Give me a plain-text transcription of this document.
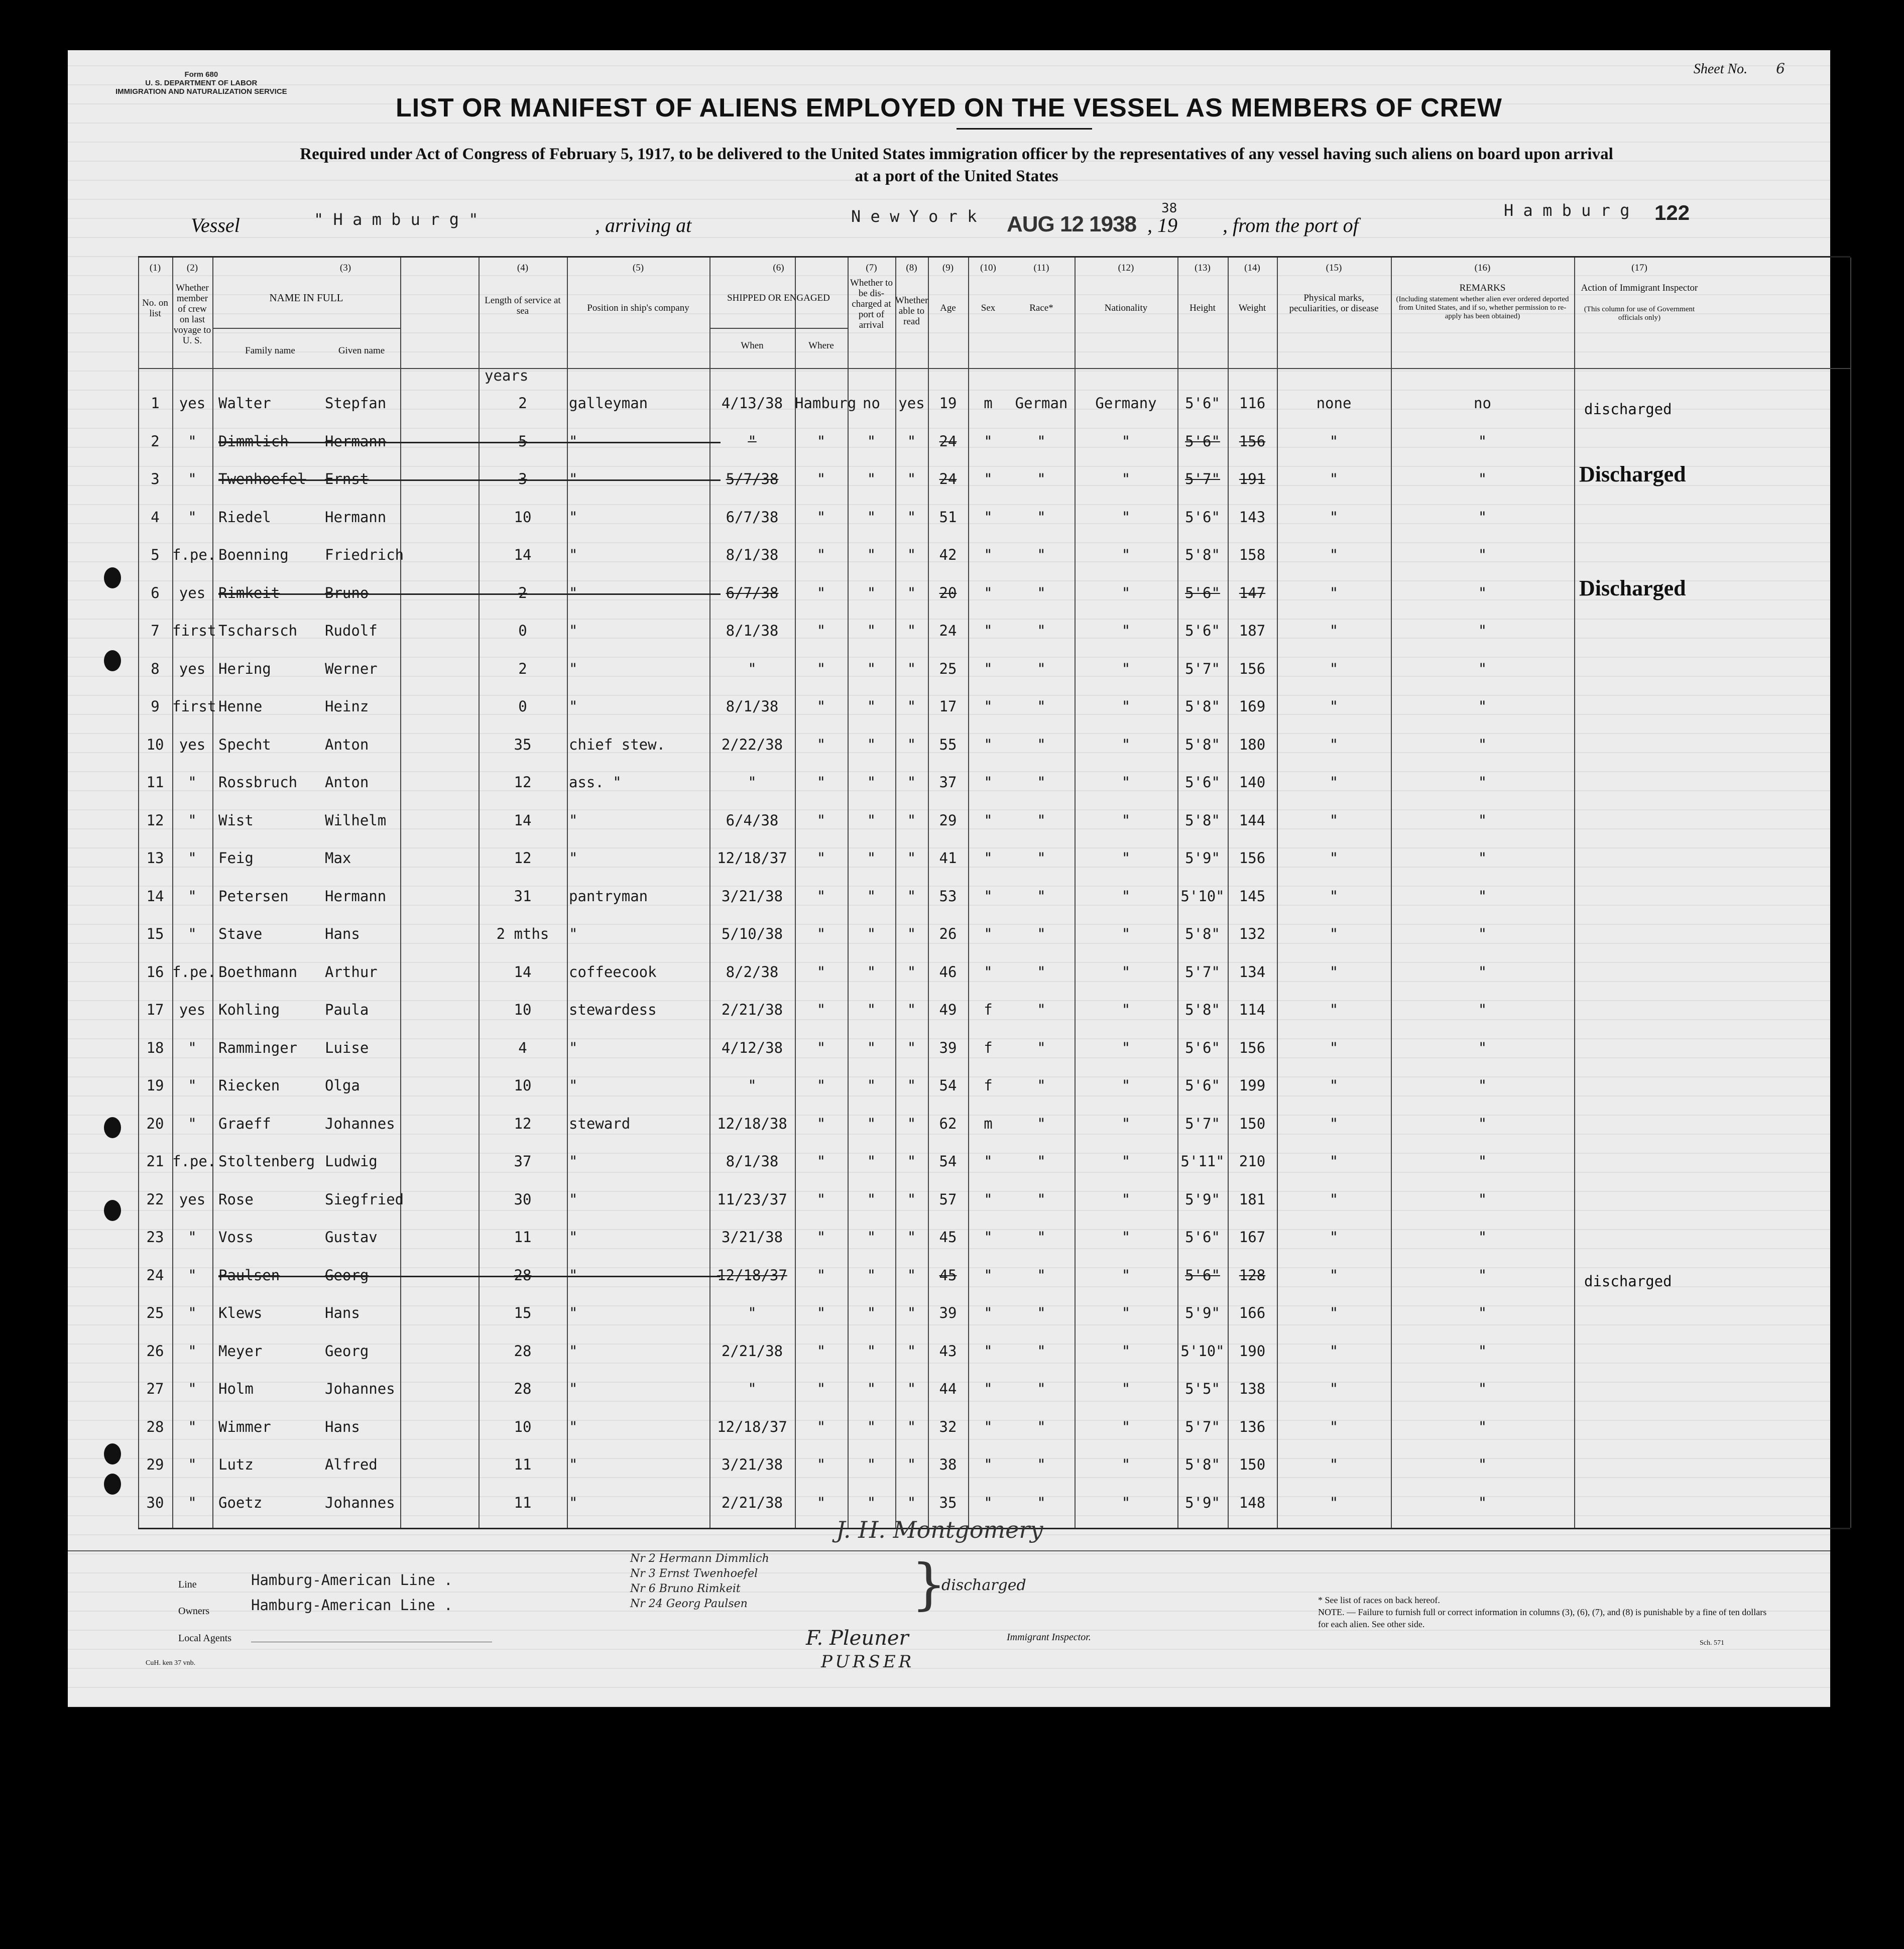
Form 680
U. S. DEPARTMENT OF LABOR
IMMIGRATION AND NATURALIZATION SERVICE
Sheet No. 6
LIST OR MANIFEST OF ALIENS EMPLOYED ON THE VESSEL AS MEMBERS OF CREW
Required under Act of Congress of February 5, 1917, to be delivered to the United States immigration officer by the representatives of any vessel having such aliens on board upon arrival
at a port of the United States
Vessel	" H a m b u r g "	, arriving at	N e w Y o r k AUG 12 1938 , 19
38
, from the port of
H a m b u r g 122
(1)	(2)	(3)	(4)	(5)	(6)	(7)	(8)	(9)	(10)	(11)	(12)	(13)	(14)	(15)	(16)	(17)
No. on list
Whether member of crew on last voyage to U. S.
NAME IN FULL
Family name	Given name
Length of service at sea	Position in ship's company
SHIPPED OR ENGAGED
When	Where
Whether to be dis-charged at port of arrival
Whether able to read
Age	Sex	Race*	Nationality	Height	Weight
Physical marks, peculiarities, or disease
REMARKS
(Including statement whether alien ever ordered deported from United States, and if so, whether permission to re-apply has been obtained)
Action of Immigrant Inspector
(This column for use of Government officials only)
years
1	yes Walter	Stepfan	2	galleyman	4/13/38 Hamburg no	yes 19	m	German	Germany	5'6"	116	none	no	discharged
2	"	Dimmlich	Hermann	5	"	"	"	"	"	24	"	"	"	5'6"	156	"	"
3	"	Twenhoefel	Ernst	3	"	5/7/38	"	"	"	24	"	"	"	5'7"	191	"	"	Discharged
4	"	Riedel	Hermann	10	"	6/7/38	"	"	"	51	"	"	"	5'6"	143	"	"
5 f.pe. Boenning	Friedrich	14	"	8/1/38	"	"	"	42	"	"	"	5'8"	158	"	"
6	yes Rimkeit	Bruno	2	"	6/7/38	"	"	"	20	"	"	"	5'6"	147	"	"	Discharged
7 first Tscharsch	Rudolf	0	"	8/1/38	"	"	"	24	"	"	"	5'6"	187	"	"
8	yes Hering	Werner	2	"	"	"	"	"	25	"	"	"	5'7"	156	"	"
9 first Henne	Heinz	0	"	8/1/38	"	"	"	17	"	"	"	5'8"	169	"	"
10	yes Specht	Anton	35	chief stew.	2/22/38	"	"	"	55	"	"	"	5'8"	180	"	"
11	"	Rossbruch	Anton	12	ass. "	"	"	"	"	37	"	"	"	5'6"	140	"	"
12	"	Wist	Wilhelm	14	"	6/4/38	"	"	"	29	"	"	"	5'8"	144	"	"
13	"	Feig	Max	12	"	12/18/37	"	"	"	41	"	"	"	5'9"	156	"	"
14	"	Petersen	Hermann	31	pantryman	3/21/38	"	"	"	53	"	"	"	5'10"	145	"	"
15	"	Stave	Hans	2 mths	"	5/10/38	"	"	"	26	"	"	"	5'8"	132	"	"
16 f.pe. Boethmann	Arthur	14	coffeecook	8/2/38	"	"	"	46	"	"	"	5'7"	134	"	"
17	yes Kohling	Paula	10	stewardess	2/21/38	"	"	"	49	f	"	"	5'8"	114	"	"
18	"	Ramminger	Luise	4	"	4/12/38	"	"	"	39	f	"	"	5'6"	156	"	"
19	"	Riecken	Olga	10	"	"	"	"	"	54	f	"	"	5'6"	199	"	"
20	"	Graeff	Johannes	12	steward	12/18/38	"	"	"	62	m	"	"	5'7"	150	"	"
21 f.pe. Stoltenberg Ludwig	37	"	8/1/38	"	"	"	54	"	"	"	5'11"	210	"	"
22	yes Rose	Siegfried	30	"	11/23/37	"	"	"	57	"	"	"	5'9"	181	"	"
23	"	Voss	Gustav	11	"	3/21/38	"	"	"	45	"	"	"	5'6"	167	"	"
24	"	Paulsen	Georg	28	"	12/18/37	"	"	"	45	"	"	"	5'6"	128	"	"	discharged
25	"	Klews	Hans	15	"	"	"	"	"	39	"	"	"	5'9"	166	"	"
26	"	Meyer	Georg	28	"	2/21/38	"	"	"	43	"	"	"	5'10"	190	"	"
27	"	Holm	Johannes	28	"	"	"	"	"	44	"	"	"	5'5"	138	"	"
28	"	Wimmer	Hans	10	"	12/18/37	"	"	"	32	"	"	"	5'7"	136	"	"
29	"	Lutz	Alfred	11	"	3/21/38	"	"	"	38	"	"	"	5'8"	150	"	"
30	"	Goetz	Johannes	11	"	2/21/38	"	"	"	35	"	"	"	5'9"	148	"	"
Line	Hamburg-American Line .
Owners	Hamburg-American Line .
Local Agents	Immigrant Inspector.
Nr 2 Hermann Dimmlich
Nr 3 Ernst Twenhoefel
Nr 6 Bruno Rimkeit
Nr 24 Georg Paulsen	}
discharged
F. Pleuner
PURSER
J. H. Montgomery
* See list of races on back hereof.
NOTE. — Failure to furnish full or correct information in columns (3), (6), (7), and (8) is punishable by a fine of ten dollars for each alien. See other side.
Sch. 571
CuH. ken 37 vnb.
